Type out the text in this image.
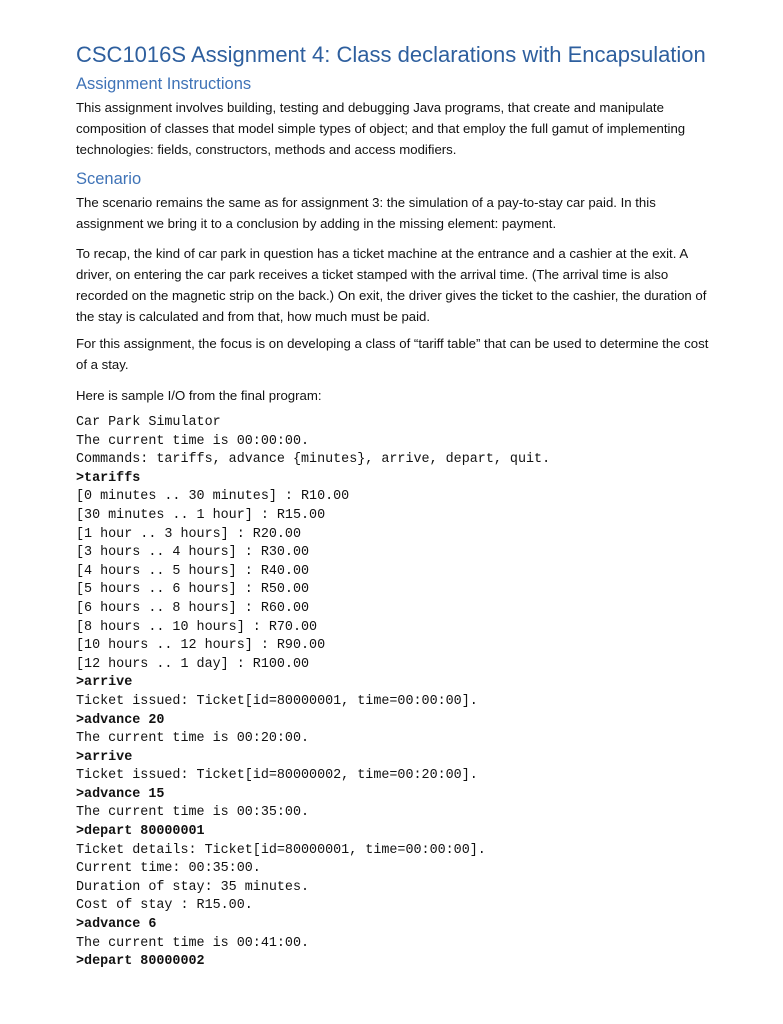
CSC1016S Assignment 4: Class declarations with Encapsulation
Assignment Instructions

This assignment involves building, testing and debugging Java programs, that create and manipulate composition of classes that model simple types of object; and that employ the full gamut of implementing technologies: fields, constructors, methods and access modifiers.

Scenario

The scenario remains the same as for assignment 3: the simulation of a pay-to-stay car paid. In this assignment we bring it to a conclusion by adding in the missing element: payment.

To recap, the kind of car park in question has a ticket machine at the entrance and a cashier at the exit. A driver, on entering the car park receives a ticket stamped with the arrival time. (The arrival time is also recorded on the magnetic strip on the back.) On exit, the driver gives the ticket to the cashier, the duration of the stay is calculated and from that, how much must be paid.

For this assignment, the focus is on developing a class of “tariff table” that can be used to determine the cost of a stay.

Here is sample I/O from the final program:

Car Park Simulator
The current time is 00:00:00.
Commands: tariffs, advance {minutes}, arrive, depart, quit.
>tariffs
[0 minutes .. 30 minutes] : R10.00
[30 minutes .. 1 hour] : R15.00
[1 hour .. 3 hours] : R20.00
[3 hours .. 4 hours] : R30.00
[4 hours .. 5 hours] : R40.00
[5 hours .. 6 hours] : R50.00
[6 hours .. 8 hours] : R60.00
[8 hours .. 10 hours] : R70.00
[10 hours .. 12 hours] : R90.00
[12 hours .. 1 day] : R100.00
>arrive
Ticket issued: Ticket[id=80000001, time=00:00:00].
>advance 20
The current time is 00:20:00.
>arrive
Ticket issued: Ticket[id=80000002, time=00:20:00].
>advance 15
The current time is 00:35:00.
>depart 80000001
Ticket details: Ticket[id=80000001, time=00:00:00].
Current time: 00:35:00.
Duration of stay: 35 minutes.
Cost of stay : R15.00.
>advance 6
The current time is 00:41:00.
>depart 80000002
